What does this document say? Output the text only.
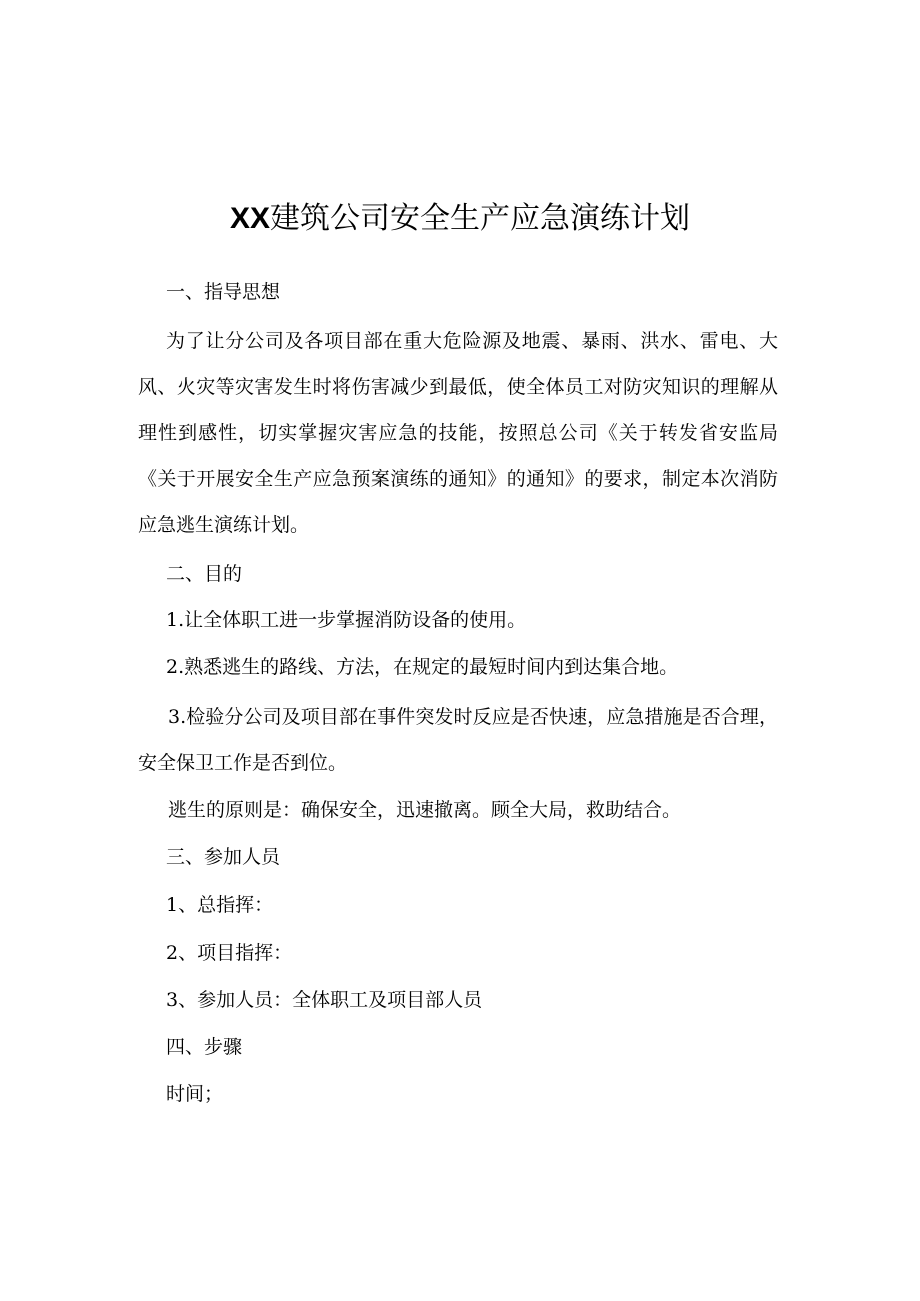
XX建筑公司安全生产应急演练计划
一、指导思想

为了让分公司及各项目部在重大危险源及地震、暴雨、洪水、雷电、大风、火灾等灾害发生时将伤害减少到最低，使全体员工对防灾知识的理解从理性到感性，切实掌握灾害应急的技能，按照总公司《关于转发省安监局《关于开展安全生产应急预案演练的通知》的通知》的要求，制定本次消防应急逃生演练计划。

二、目的
1.让全体职工进一步掌握消防设备的使用。
2.熟悉逃生的路线、方法，在规定的最短时间内到达集合地。

3.检验分公司及项目部在事件突发时反应是否快速，应急措施是否合理，安全保卫工作是否到位。

逃生的原则是：确保安全，迅速撤离。顾全大局，救助结合。
三、参加人员
1、总指挥：
2、项目指挥：
3、参加人员：全体职工及项目部人员
四、步骤
时间；
